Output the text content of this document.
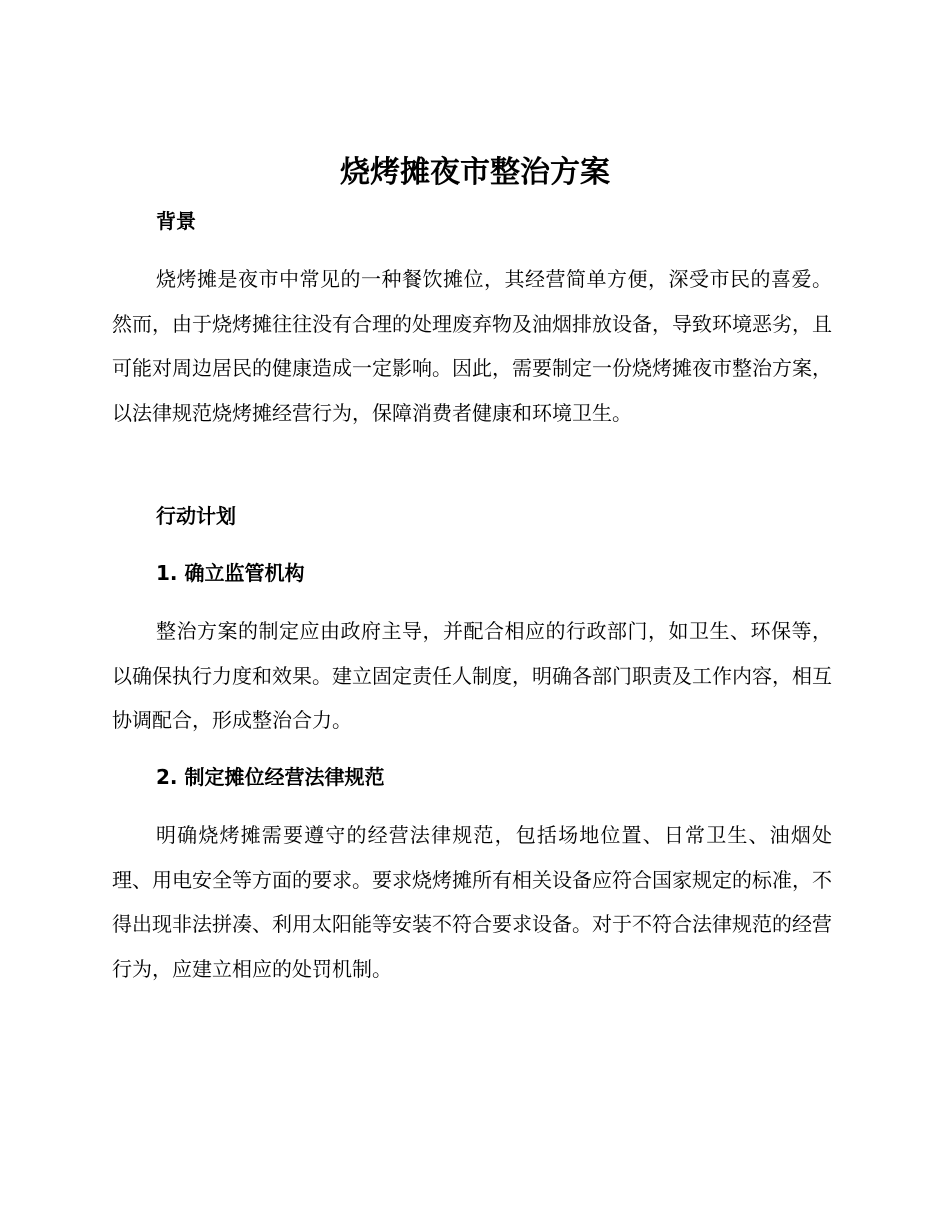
烧烤摊夜市整治方案
背景

烧烤摊是夜市中常见的一种餐饮摊位，其经营简单方便，深受市民的喜爱。然而，由于烧烤摊往往没有合理的处理废弃物及油烟排放设备，导致环境恶劣，且可能对周边居民的健康造成一定影响。因此，需要制定一份烧烤摊夜市整治方案，以法律规范烧烤摊经营行为，保障消费者健康和环境卫生。

行动计划
1. 确立监管机构

整治方案的制定应由政府主导，并配合相应的行政部门，如卫生、环保等，以确保执行力度和效果。建立固定责任人制度，明确各部门职责及工作内容，相互协调配合，形成整治合力。

2. 制定摊位经营法律规范

明确烧烤摊需要遵守的经营法律规范，包括场地位置、日常卫生、油烟处理、用电安全等方面的要求。要求烧烤摊所有相关设备应符合国家规定的标准，不得出现非法拼凑、利用太阳能等安装不符合要求设备。对于不符合法律规范的经营行为，应建立相应的处罚机制。
